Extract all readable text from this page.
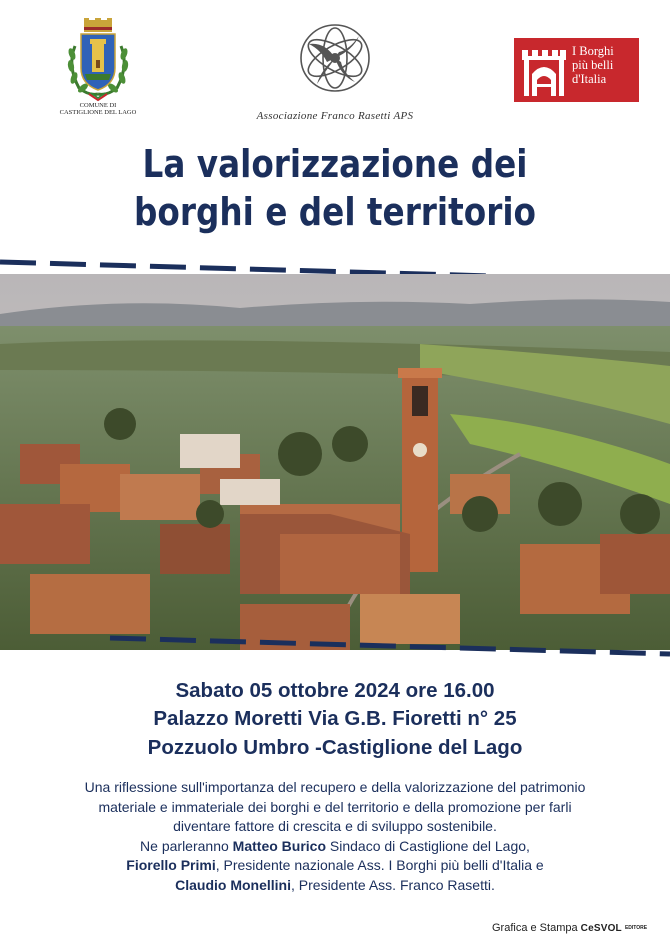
COMUNE DI
CASTIGLIONE DEL LAGO	Associazione Franco Rasetti APS
I Borghi
più belli
d'Italia
La valorizzazione dei
borghi e del territorio
Sabato 05 ottobre 2024 ore 16.00
Palazzo Moretti Via G.B. Fioretti n° 25
Pozzuolo Umbro -Castiglione del Lago
Una riflessione sull'importanza del recupero e della valorizzazione del patrimonio
materiale e immateriale dei borghi e del territorio e della promozione per farli
diventare fattore di crescita e di sviluppo sostenibile.
Ne parleranno Matteo Burico Sindaco di Castiglione del Lago,
Fiorello Primi, Presidente nazionale Ass. I Borghi più belli d'Italia e
Claudio Monellini, Presidente Ass. Franco Rasetti.
Grafica e Stampa CeSVOL EDITORE
